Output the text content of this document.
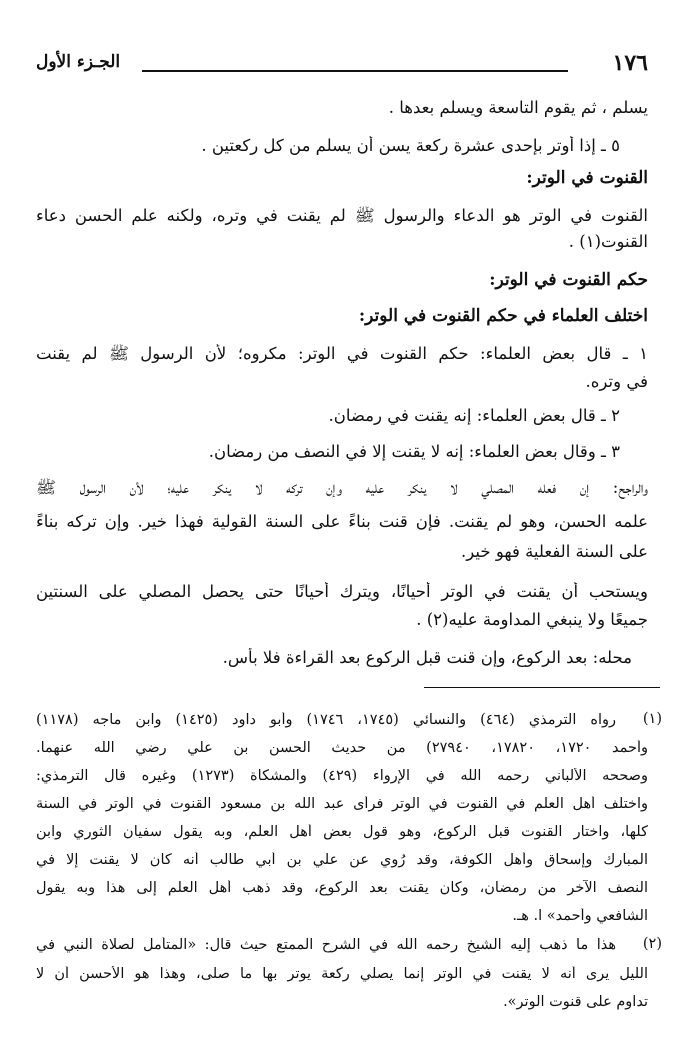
١٧٦
الجـزء الأول
يسلم ، ثم يقوم التاسعة ويسلم بعدها .
٥ ـ إذا أوتر بإحدى عشرة ركعة يسن أن يسلم من كل ركعتين .
القنوت في الوتر:
القنوت في الوتر هو الدعاء والرسول ﷺ لم يقنت في وتره، ولكنه علم الحسن دعاء
القنوت(١) .
حكم القنوت في الوتر:
اختلف العلماء في حكم القنوت في الوتر:
١ ـ قال بعض العلماء: حكم القنوت في الوتر: مكروه؛ لأن الرسول ﷺ لم يقنت
في وتره.
٢ ـ قال بعض العلماء: إنه يقنت في رمضان.
٣ ـ وقال بعض العلماء: إنه لا يقنت إلا في النصف من رمضان.
والراجح: إن فعله المصلي لا ينكر عليه وإن تركه لا ينكر عليه؛ لأن الرسول ﷺ
علمه الحسن، وهو لم يقنت. فإن قنت بناءً على السنة القولية فهذا خير. وإن تركه بناءً
على السنة الفعلية فهو خير.
ويستحب أن يقنت في الوتر أحيانًا، ويترك أحيانًا حتى يحصل المصلي على السنتين
جميعًا ولا ينبغي المداومة عليه(٢) .
محله: بعد الركوع، وإن قنت قبل الركوع بعد القراءة فلا بأس.
(١)
رواه الترمذي (٤٦٤) والنسائي (١٧٤٥، ١٧٤٦) وأبو داود (١٤٢٥) وابن ماجه (١١٧٨)
وأحمد ١٧٢٠، ١٧٨٢٠، ٢٧٩٤٠) من حديث الحسن بن علي رضي الله عنهما.
وصححه الألباني رحمه الله في الإرواء (٤٢٩) والمشكاة (١٢٧٣) وغيره قال الترمذي:
واختلف أهل العلم في القنوت في الوتر فرأى عبد الله بن مسعود القنوت في الوتر في السنة
كلها، واختار القنوت قبل الركوع، وهو قول بعض أهل العلم، وبه يقول سفيان الثوري وابن
المبارك وإسحاق وأهل الكوفة، وقد رُوي عن علي بن أبي طالب أنه كان لا يقنت إلا في
النصف الآخر من رمضان، وكان يقنت بعد الركوع، وقد ذهب أهل العلم إلى هذا وبه يقول
الشافعي وأحمد» ا. هـ.
(٢)
هذا ما ذهب إليه الشيخ رحمه الله في الشرح الممتع حيث قال: «المتأمل لصلاة النبي في
الليل يرى أنه لا يقنت في الوتر إنما يصلي ركعة يوتر بها ما صلى، وهذا هو الأحسن أن لا
تداوم على قنوت الوتر».
